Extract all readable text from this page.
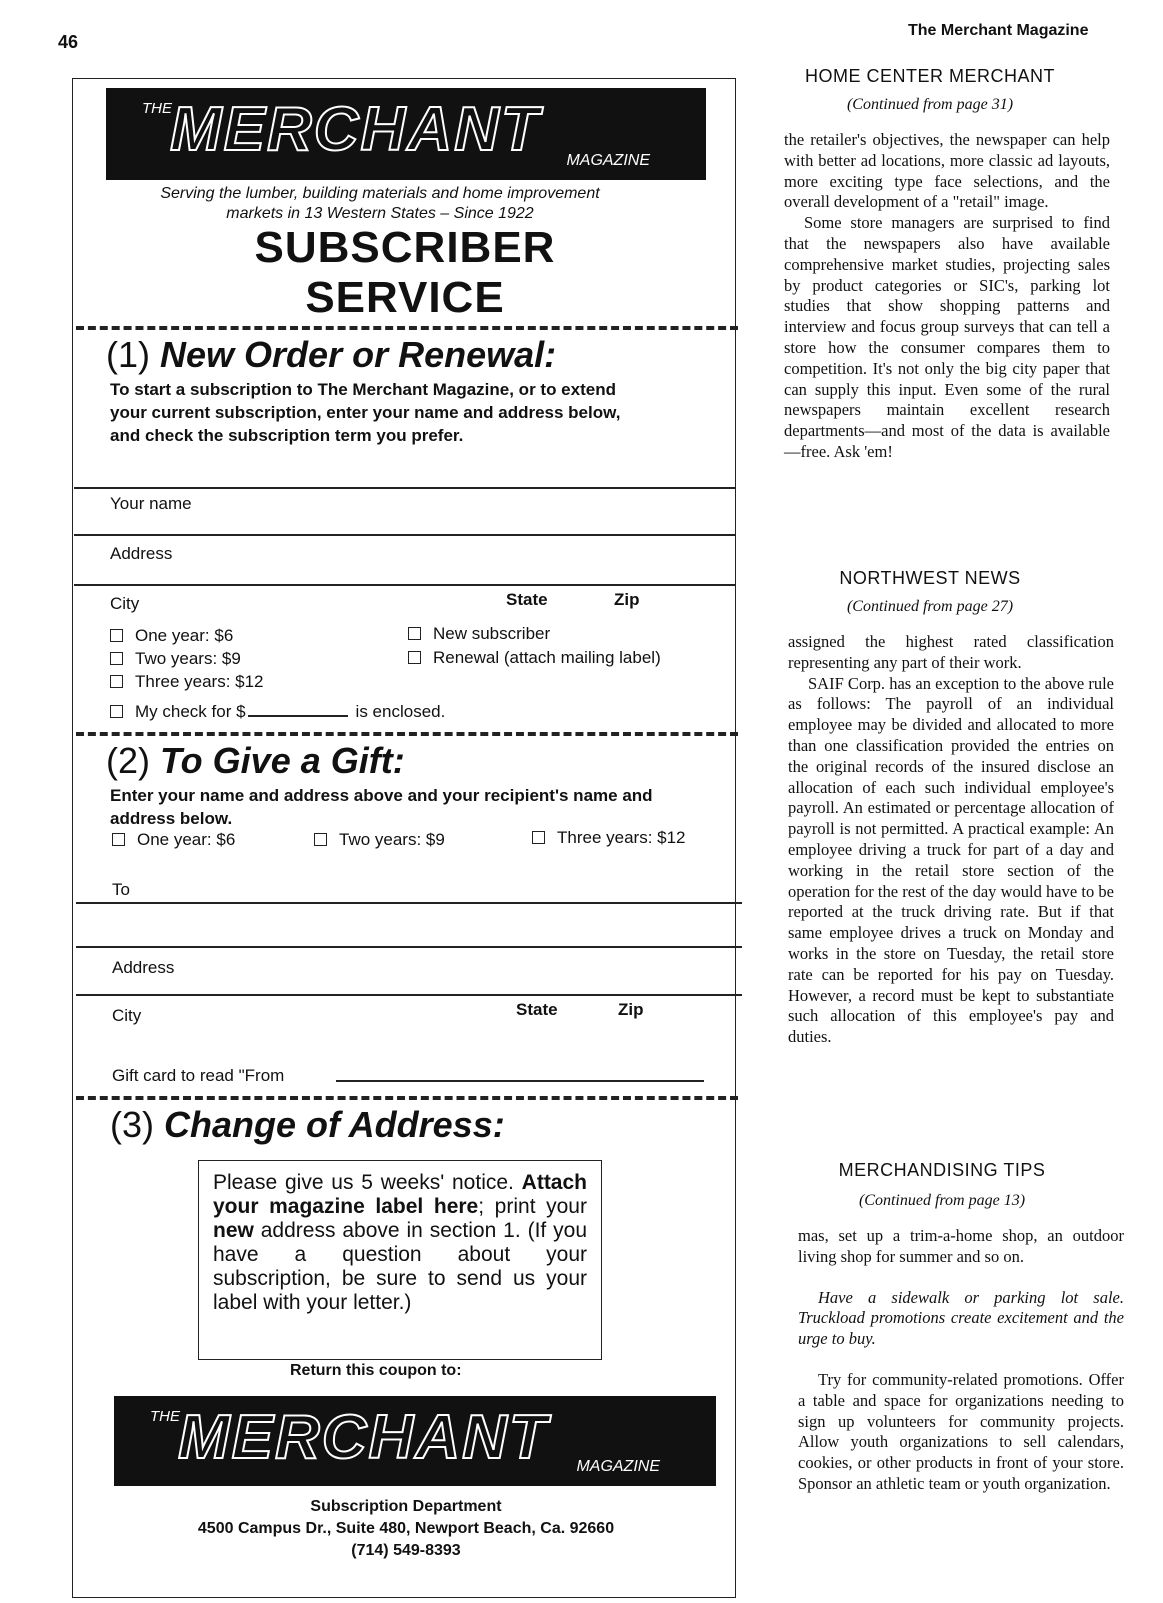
46
The Merchant Magazine
THE
MERCHANT MAGAZINE
Serving the lumber, building materials and home improvement
markets in 13 Western States – Since 1922
SUBSCRIBER
SERVICE
(1) New Order or Renewal:
To start a subscription to The Merchant Magazine, or to extend
your current subscription, enter your name and address below,
and check the subscription term you prefer.
Your name
Address
City	State	Zip
One year: $6
Two years: $9
Three years: $12
New subscriber
Renewal (attach mailing label)
My check for $	is enclosed.
(2) To Give a Gift:
Enter your name and address above and your recipient's name and
address below.
One year: $6	Two years: $9	Three years: $12
To
Address
City	State	Zip
Gift card to read "From
(3) Change of Address:
Please give us 5 weeks' notice. Attach your magazine label here; print your new address above in section 1. (If you have a question about your subscription, be sure to send us your label with your letter.)
Return this coupon to:
THE
MERCHANT MAGAZINE
Subscription Department
4500 Campus Dr., Suite 480, Newport Beach, Ca. 92660
(714) 549-8393
HOME CENTER MERCHANT
(Continued from page 31)

the retailer's objectives, the newspaper can help with better ad locations, more classic ad layouts, more exciting type face selections, and the overall development of a "retail" image.

Some store managers are surprised to find that the newspapers also have available comprehensive market studies, projecting sales by product categories or SIC's, parking lot studies that show shopping patterns and interview and focus group surveys that can tell a store how the consumer compares them to competition. It's not only the big city paper that can supply this input. Even some of the rural newspapers maintain excellent research departments—and most of the data is available—free. Ask 'em!

NORTHWEST NEWS
(Continued from page 27)

assigned the highest rated classification representing any part of their work.

SAIF Corp. has an exception to the above rule as follows: The payroll of an individual employee may be divided and allocated to more than one classification provided the entries on the original records of the insured disclose an allocation of each such individual employee's payroll. An estimated or percentage allocation of payroll is not permitted. A practical example: An employee driving a truck for part of a day and working in the retail store section of the operation for the rest of the day would have to be reported at the truck driving rate. But if that same employee drives a truck on Monday and works in the store on Tuesday, the retail store rate can be reported for his pay on Tuesday. However, a record must be kept to substantiate such allocation of this employee's pay and duties.

MERCHANDISING TIPS
(Continued from page 13)

mas, set up a trim-a-home shop, an outdoor living shop for summer and so on.

Have a sidewalk or parking lot sale. Truckload promotions create excitement and the urge to buy.

Try for community-related promotions. Offer a table and space for organizations needing to sign up volunteers for community projects. Allow youth organizations to sell calendars, cookies, or other products in front of your store. Sponsor an athletic team or youth organization.
